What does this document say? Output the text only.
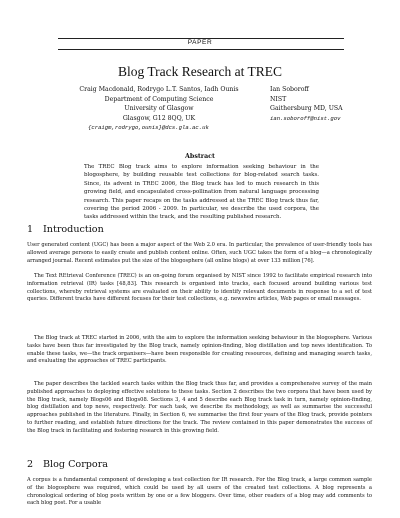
PAPER
Blog Track Research at TREC
Craig Macdonald, Rodrygo L.T. Santos, Iadh Ounis
Department of Computing Science
University of Glasgow
Glasgow, G12 8QQ, UK
{craigm,rodrygo,ounis}@dcs.gla.ac.uk
Ian Soboroff
NIST
Gaithersburg MD, USA
ian.soboroff@nist.gov
Abstract
The TREC Blog track aims to explore information seeking behaviour in the blogosphere, by building reusable test collections for blog-related search tasks. Since, its advent in TREC 2006, the Blog track has led to much research in this growing field, and encapsulated cross-pollination from natural language processing research. This paper recaps on the tasks addressed at the TREC Blog track thus far, covering the period 2006 - 2009. In particular, we describe the used corpora, the tasks addressed within the track, and the resulting published research.
1 Introduction
User generated content (UGC) has been a major aspect of the Web 2.0 era. In particular, the prevalence of user-friendly tools has allowed average persons to easily create and publish content online. Often, such UGC takes the form of a blog—a chronologically arranged journal. Recent estimates put the size of the blogosphere (all online blogs) at over 133 million [76].
The Text REtrieval Conference (TREC) is an on-going forum organised by NIST since 1992 to facilitate empirical research into information retrieval (IR) tasks [48,83]. This research is organised into tracks, each focused around building various test collections, whereby retrieval systems are evaluated on their ability to identify relevant documents in response to a set of test queries. Different tracks have different focuses for their test collections, e.g. newswire articles, Web pages or email messages.
The Blog track at TREC started in 2006, with the aim to explore the information seeking behaviour in the blogosphere. Various tasks have been thus far investigated by the Blog track, namely opinion-finding, blog distillation and top news identification. To enable these tasks, we—the track organisers—have been responsible for creating resources, defining and managing search tasks, and evaluating the approaches of TREC participants.
The paper describes the tackled search tasks within the Blog track thus far, and provides a comprehensive survey of the main published approaches to deploying effective solutions to these tasks. Section 2 describes the two corpora that have been used by the Blog track, namely Blogs06 and Blogs08. Sections 3, 4 and 5 describe each Blog track task in turn, namely opinion-finding, blog distillation and top news, respectively. For each task, we describe its methodology, as well as summarise the successful approaches published in the literature. Finally, in Section 6, we summarise the first four years of the Blog track, provide pointers to further reading, and establish future directions for the track. The review contained in this paper demonstrates the success of the Blog track in facilitating and fostering research in this growing field.
2 Blog Corpora
A corpus is a fundamental component of developing a test collection for IR research. For the Blog track, a large common sample of the blogosphere was required, which could be used by all users of the created test collections. A blog represents a chronological ordering of blog posts written by one or a few bloggers. Over time, other readers of a blog may add comments to each blog post. For a usable
